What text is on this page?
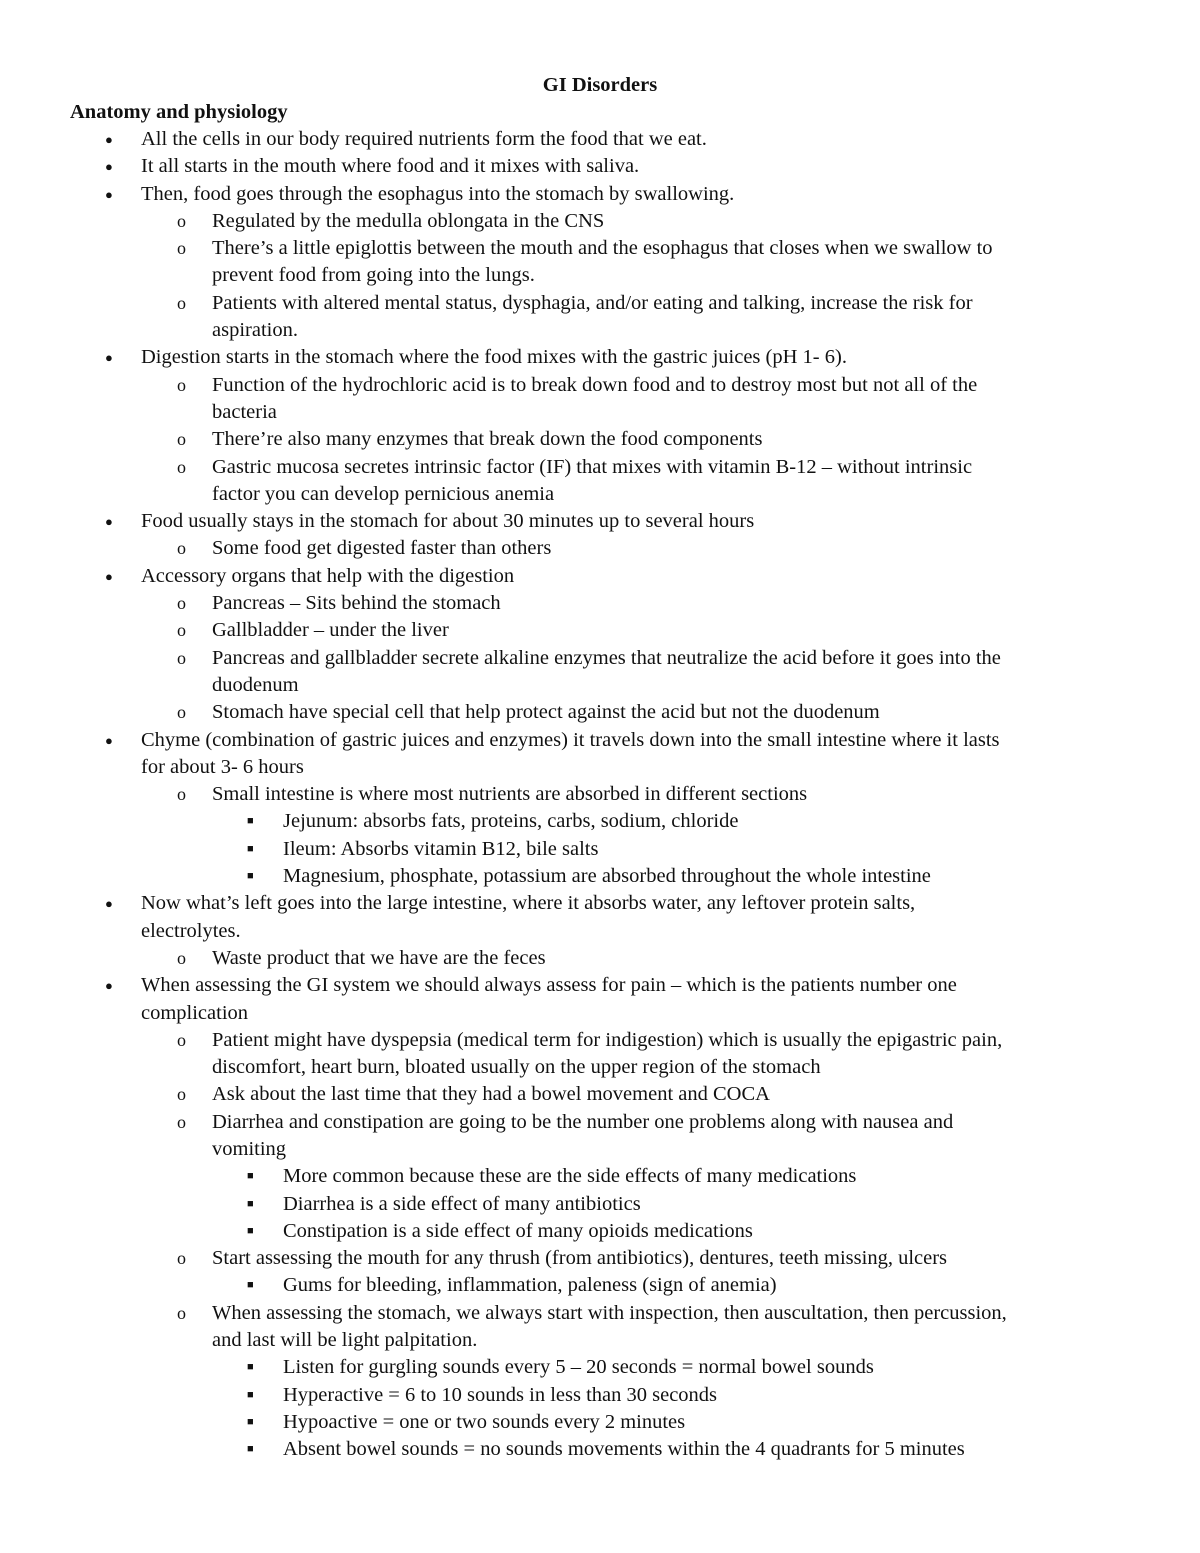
GI Disorders
Anatomy and physiology
● All the cells in our body required nutrients form the food that we eat.
● It all starts in the mouth where food and it mixes with saliva.
● Then, food goes through the esophagus into the stomach by swallowing.
o Regulated by the medulla oblongata in the CNS
o There’s a little epiglottis between the mouth and the esophagus that closes when we swallow to
prevent food from going into the lungs.
o Patients with altered mental status, dysphagia, and/or eating and talking, increase the risk for
aspiration.
● Digestion starts in the stomach where the food mixes with the gastric juices (pH 1- 6).
o Function of the hydrochloric acid is to break down food and to destroy most but not all of the
bacteria
o There’re also many enzymes that break down the food components
o Gastric mucosa secretes intrinsic factor (IF) that mixes with vitamin B-12 – without intrinsic
factor you can develop pernicious anemia
● Food usually stays in the stomach for about 30 minutes up to several hours
o Some food get digested faster than others
● Accessory organs that help with the digestion
o Pancreas – Sits behind the stomach
o Gallbladder – under the liver
o Pancreas and gallbladder secrete alkaline enzymes that neutralize the acid before it goes into the
duodenum
o Stomach have special cell that help protect against the acid but not the duodenum
● Chyme (combination of gastric juices and enzymes) it travels down into the small intestine where it lasts
for about 3- 6 hours
o Small intestine is where most nutrients are absorbed in different sections
■ Jejunum: absorbs fats, proteins, carbs, sodium, chloride
■ Ileum: Absorbs vitamin B12, bile salts
■ Magnesium, phosphate, potassium are absorbed throughout the whole intestine
● Now what’s left goes into the large intestine, where it absorbs water, any leftover protein salts,
electrolytes.
o Waste product that we have are the feces
● When assessing the GI system we should always assess for pain – which is the patients number one
complication
o Patient might have dyspepsia (medical term for indigestion) which is usually the epigastric pain,
discomfort, heart burn, bloated usually on the upper region of the stomach
o Ask about the last time that they had a bowel movement and COCA
o Diarrhea and constipation are going to be the number one problems along with nausea and
vomiting
■ More common because these are the side effects of many medications
■ Diarrhea is a side effect of many antibiotics
■ Constipation is a side effect of many opioids medications
o Start assessing the mouth for any thrush (from antibiotics), dentures, teeth missing, ulcers
■ Gums for bleeding, inflammation, paleness (sign of anemia)
o When assessing the stomach, we always start with inspection, then auscultation, then percussion,
and last will be light palpitation.
■ Listen for gurgling sounds every 5 – 20 seconds = normal bowel sounds
■ Hyperactive = 6 to 10 sounds in less than 30 seconds
■ Hypoactive = one or two sounds every 2 minutes
■ Absent bowel sounds = no sounds movements within the 4 quadrants for 5 minutes
